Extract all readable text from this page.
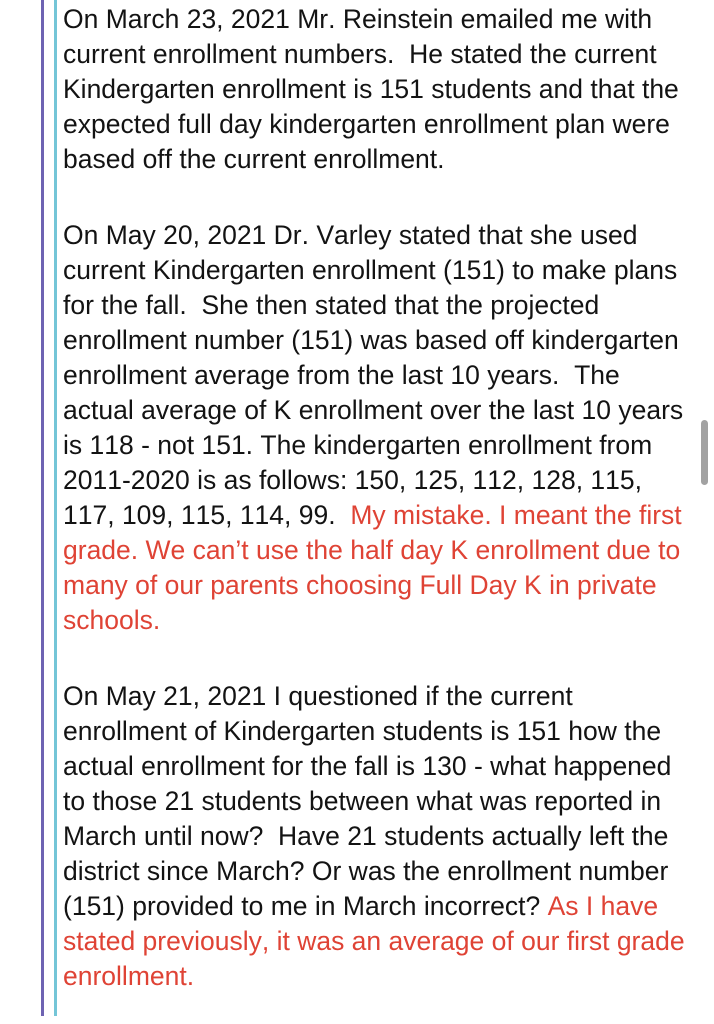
On March 23, 2021 Mr. Reinstein emailed me with current enrollment numbers.  He stated the current Kindergarten enrollment is 151 students and that the expected full day kindergarten enrollment plan were based off the current enrollment.

On May 20, 2021 Dr. Varley stated that she used current Kindergarten enrollment (151) to make plans for the fall.  She then stated that the projected enrollment number (151) was based off kindergarten enrollment average from the last 10 years.  The actual average of K enrollment over the last 10 years is 118 - not 151. The kindergarten enrollment from 2011-2020 is as follows: 150, 125, 112, 128, 115, 117, 109, 115, 114, 99.  My mistake. I meant the first grade. We can’t use the half day K enrollment due to many of our parents choosing Full Day K in private schools.

On May 21, 2021 I questioned if the current enrollment of Kindergarten students is 151 how the actual enrollment for the fall is 130 - what happened to those 21 students between what was reported in March until now?  Have 21 students actually left the district since March? Or was the enrollment number (151) provided to me in March incorrect? As I have stated previously, it was an average of our first grade enrollment.
